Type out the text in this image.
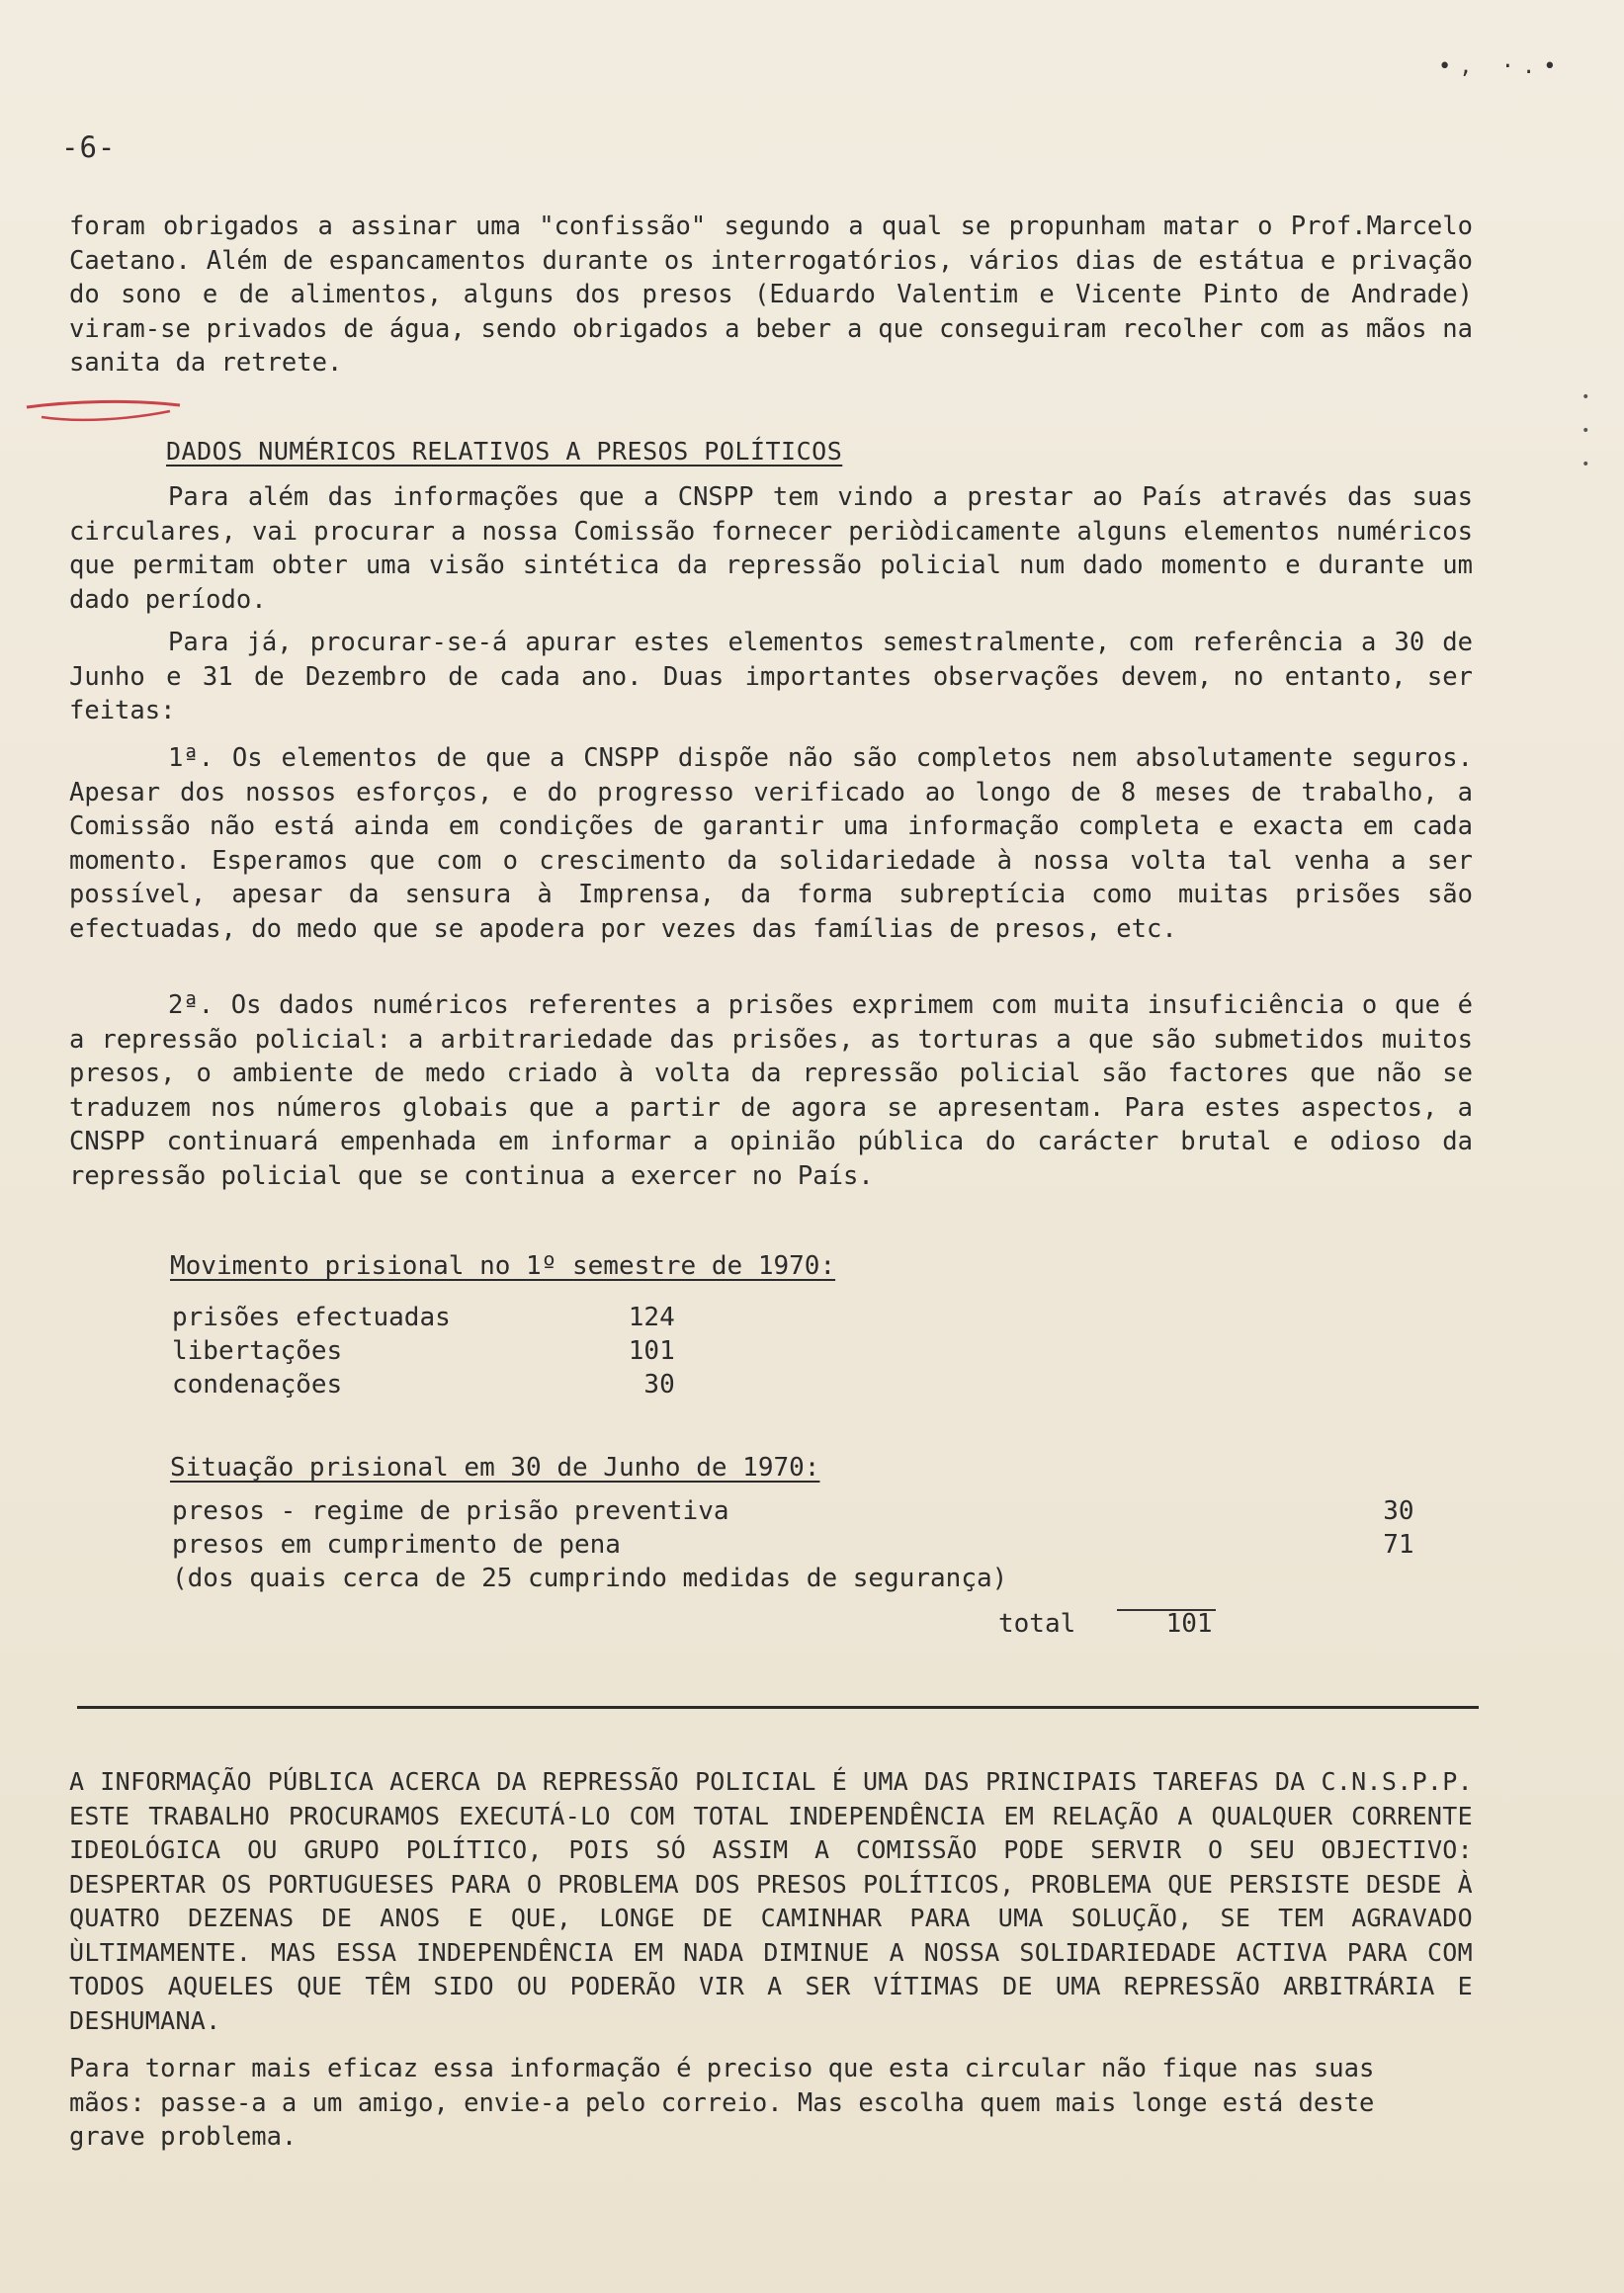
-6-
•, ·.•
•
•
•

foram obrigados a assinar uma "confissão" segundo a qual se propunham matar o Prof.Marcelo Caetano. Além de espancamentos durante os interrogatórios, vários dias de estátua e privação do sono e de alimentos, alguns dos presos (Eduardo Valentim e Vicente Pinto de Andrade) viram-se privados de água, sendo obrigados a beber a que conseguiram recolher com as mãos na sanita da retrete.

DADOS NUMÉRICOS RELATIVOS A PRESOS POLÍTICOS

Para além das informações que a CNSPP tem vindo a prestar ao País através das suas circulares, vai procurar a nossa Comissão fornecer periòdicamente alguns elementos numéricos que permitam obter uma visão sintética da repressão policial num dado momento e durante um dado período.

Para já, procurar-se-á apurar estes elementos semestralmente, com referência a 30 de Junho e 31 de Dezembro de cada ano. Duas importantes observações devem, no entanto, ser feitas:

1ª. Os elementos de que a CNSPP dispõe não são completos nem absolutamente seguros. Apesar dos nossos esforços, e do progresso verificado ao longo de 8 meses de trabalho, a Comissão não está ainda em condições de garantir uma informação completa e exacta em cada momento. Esperamos que com o crescimento da solidariedade à nossa volta tal venha a ser possível, apesar da sensura à Imprensa, da forma subreptícia como muitas prisões são efectuadas, do medo que se apodera por vezes das famílias de presos, etc.

2ª. Os dados numéricos referentes a prisões exprimem com muita insuficiência o que é a repressão policial: a arbitrariedade das prisões, as torturas a que são submetidos muitos presos, o ambiente de medo criado à volta da repressão policial são factores que não se traduzem nos números globais que a partir de agora se apresentam. Para estes aspectos, a CNSPP continuará empenhada em informar a opinião pública do carácter brutal e odioso da repressão policial que se continua a exercer no País.

Movimento prisional no 1º semestre de 1970:
prisões efectuadas	124
libertações	101
condenações	30
Situação prisional em 30 de Junho de 1970:
presos - regime de prisão preventiva	30
presos em cumprimento de pena	71
(dos quais cerca de 25 cumprindo medidas de segurança)	
total	101
A INFORMAÇÃO PÚBLICA ACERCA DA REPRESSÃO POLICIAL É UMA DAS PRINCIPAIS TAREFAS DA C.N.S.P.P. ESTE TRABALHO PROCURAMOS EXECUTÁ-LO COM TOTAL INDEPENDÊNCIA EM RELAÇÃO A QUALQUER CORRENTE IDEOLÓGICA OU GRUPO POLÍTICO, POIS SÓ ASSIM A COMISSÃO PODE SERVIR O SEU OBJECTIVO: DESPERTAR OS PORTUGUESES PARA O PROBLEMA DOS PRESOS POLÍTICOS, PROBLEMA QUE PERSISTE DESDE À QUATRO DEZENAS DE ANOS E QUE, LONGE DE CAMINHAR PARA UMA SOLUÇÃO, SE TEM AGRAVADO ÙLTIMAMENTE. MAS ESSA INDEPENDÊNCIA EM NADA DIMINUE A NOSSA SOLIDARIEDADE ACTIVA PARA COM TODOS AQUELES QUE TÊM SIDO OU PODERÃO VIR A SER VÍTIMAS DE UMA REPRESSÃO ARBITRÁRIA E DESHUMANA.
Para tornar mais eficaz essa informação é preciso que esta circular não fique nas suas mãos: passe-a a um amigo, envie-a pelo correio. Mas escolha quem mais longe está deste grave problema.
